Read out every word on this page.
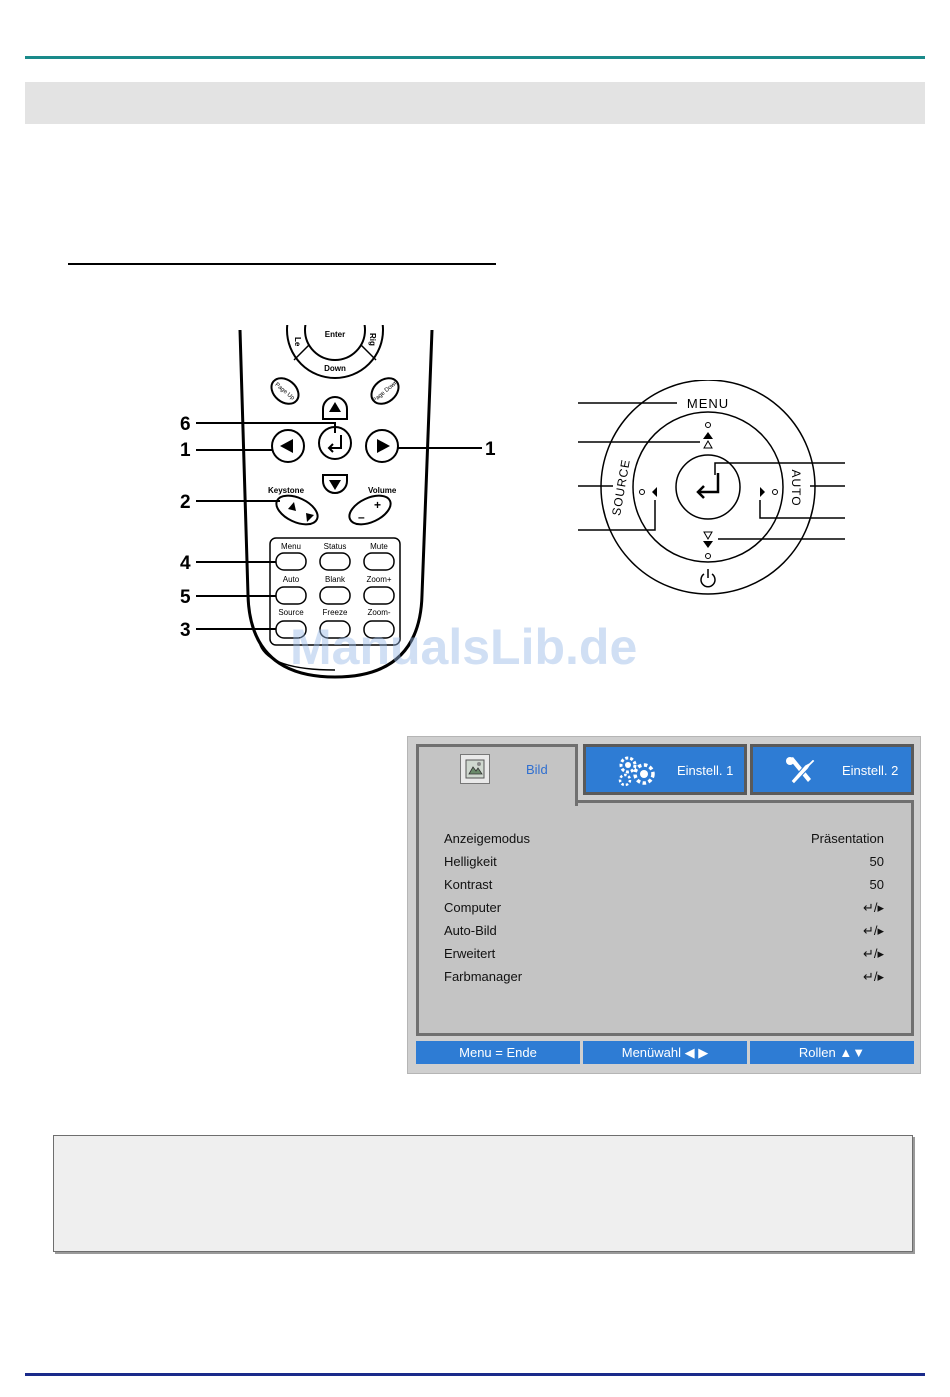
Enter
Down
Le	Rig
Page Up	Page Down
Keystone	Volume
–
+
Menu	Status	Mute
Auto	Blank	Zoom+
Source Freeze Zoom-
6
1	1
2
4
5
3
MENU
SOURCE	AUTO
ManualsLib.de
Bild	Einstell. 1	Einstell. 2
Anzeigemodus	Präsentation
Helligkeit	50
Kontrast	50
Computer	↵/▸
Auto-Bild	↵/▸
Erweitert	↵/▸
Farbmanager	↵/▸
Menu = Ende	Menüwahl ◀ ▶	Rollen ▲▼
